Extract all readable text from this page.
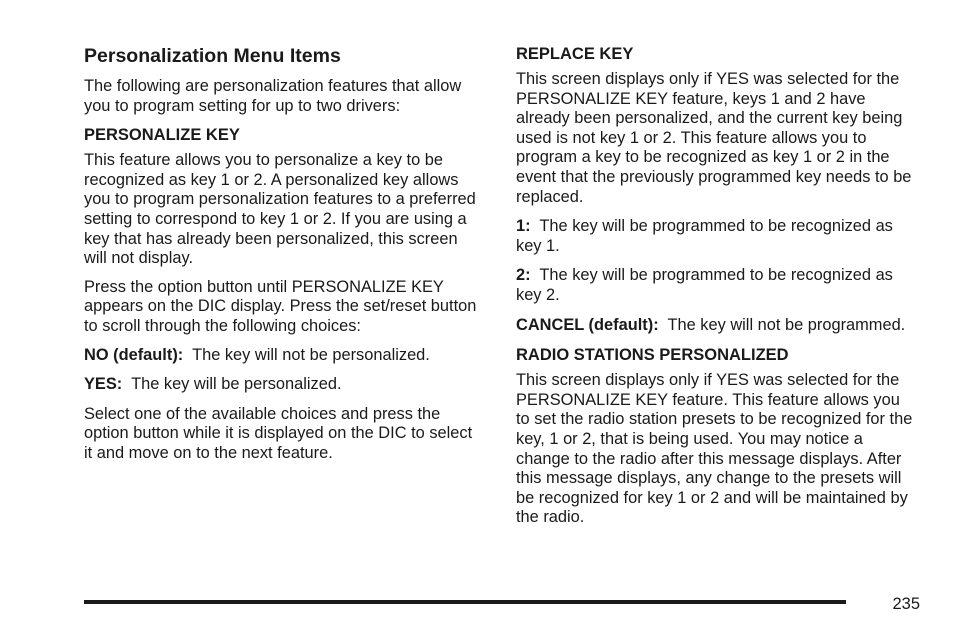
Personalization Menu Items

The following are personalization features that allow you to program setting for up to two drivers:

PERSONALIZE KEY

This feature allows you to personalize a key to be recognized as key 1 or 2. A personalized key allows you to program personalization features to a preferred setting to correspond to key 1 or 2. If you are using a key that has already been personalized, this screen will not display.

Press the option button until PERSONALIZE KEY appears on the DIC display. Press the set/reset button to scroll through the following choices:

NO (default): The key will not be personalized.

YES: The key will be personalized.

Select one of the available choices and press the option button while it is displayed on the DIC to select it and move on to the next feature.

REPLACE KEY

This screen displays only if YES was selected for the PERSONALIZE KEY feature, keys 1 and 2 have already been personalized, and the current key being used is not key 1 or 2. This feature allows you to program a key to be recognized as key 1 or 2 in the event that the previously programmed key needs to be replaced.

1: The key will be programmed to be recognized as key 1.

2: The key will be programmed to be recognized as key 2.

CANCEL (default): The key will not be programmed.

RADIO STATIONS PERSONALIZED

This screen displays only if YES was selected for the PERSONALIZE KEY feature. This feature allows you to set the radio station presets to be recognized for the key, 1 or 2, that is being used. You may notice a change to the radio after this message displays. After this message displays, any change to the presets will be recognized for key 1 or 2 and will be maintained by the radio.

235
